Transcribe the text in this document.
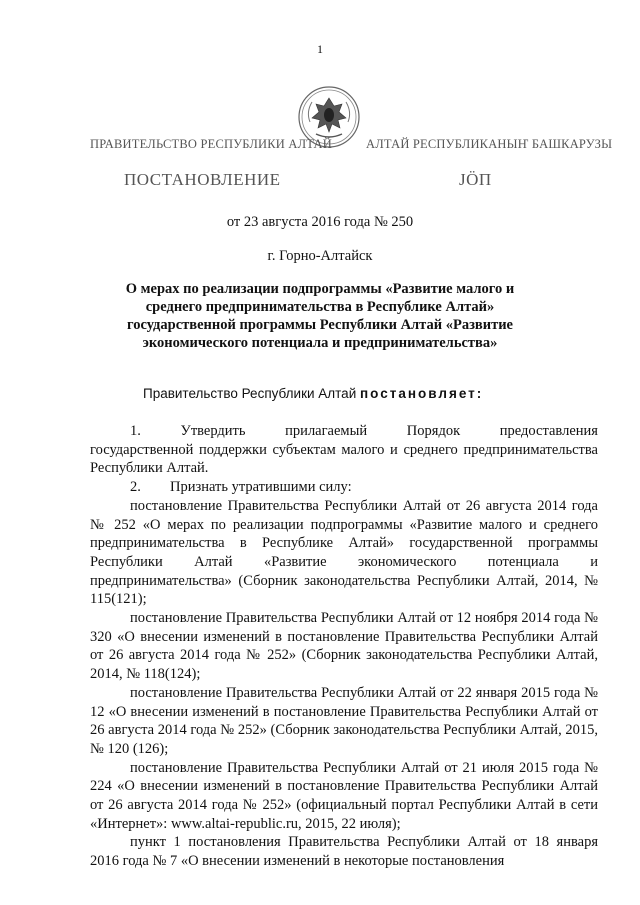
1
ПРАВИТЕЛЬСТВО РЕСПУБЛИКИ АЛТАЙ	АЛТАЙ РЕСПУБЛИКАНЫҤ БАШКАРУЗЫ
ПОСТАНОВЛЕНИЕ	JÖП
от 23 августа 2016 года № 250
г. Горно-Алтайск
О мерах по реализации подпрограммы «Развитие малого и среднего предпринимательства в Республике Алтай» государственной программы Республики Алтай «Развитие экономического потенциала и предпринимательства»
Правительство Республики Алтай постановляет:
1.	Утвердить	прилагаемый	Порядок	предоставления

государственной поддержки субъектам малого и среднего предпринимательства Республики Алтай.

2. Признать утратившими силу:

постановление Правительства Республики Алтай от 26 августа 2014 года № 252 «О мерах по реализации подпрограммы «Развитие малого и среднего предпринимательства в Республике Алтай» государственной программы Республики Алтай «Развитие экономического потенциала и предпринимательства» (Сборник законодательства Республики Алтай, 2014, № 115(121);

постановление Правительства Республики Алтай от 12 ноября 2014 года № 320 «О внесении изменений в постановление Правительства Республики Алтай от 26 августа 2014 года № 252» (Сборник законодательства Республики Алтай, 2014, № 118(124);

постановление Правительства Республики Алтай от 22 января 2015 года № 12 «О внесении изменений в постановление Правительства Республики Алтай от 26 августа 2014 года № 252» (Сборник законодательства Республики Алтай, 2015, № 120 (126);

постановление Правительства Республики Алтай от 21 июля 2015 года № 224 «О внесении изменений в постановление Правительства Республики Алтай от 26 августа 2014 года № 252» (официальный портал Республики Алтай в сети «Интернет»: www.altai-republic.ru, 2015, 22 июля);

пункт 1 постановления Правительства Республики Алтай от 18 января 2016 года № 7 «О внесении изменений в некоторые постановления
